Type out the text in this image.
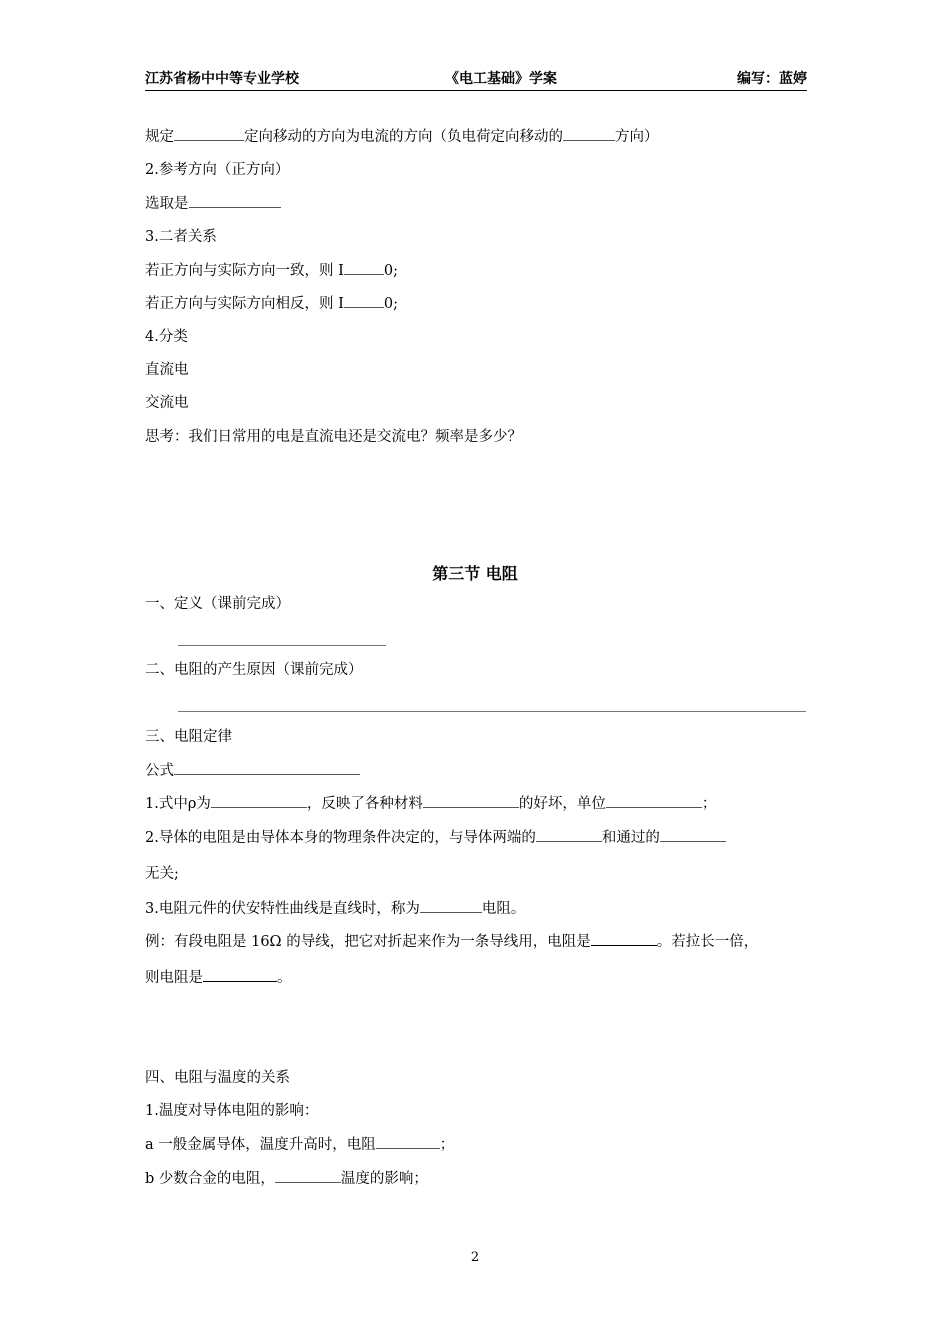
江苏省杨中中等专业学校	《电工基础》学案	编写：蓝婷
规定	定向移动的方向为电流的方向（负电荷定向移动的	方向）
2.参考方向（正方向）
选取是
3.二者关系
若正方向与实际方向一致，则 I	0;
若正方向与实际方向相反，则 I	0;
4.分类
直流电
交流电
思考：我们日常用的电是直流电还是交流电？频率是多少？
第三节 电阻
一、定义（课前完成）
二、电阻的产生原因（课前完成）
三、电阻定律
公式
1.式中ρ为	，反映了各种材料	的好坏，单位	；
2.导体的电阻是由导体本身的物理条件决定的，与导体两端的	和通过的
无关;
3.电阻元件的伏安特性曲线是直线时，称为	电阻。
例：有段电阻是 16Ω 的导线，把它对折起来作为一条导线用，电阻是	。若拉长一倍，
则电阻是	。
四、电阻与温度的关系
1.温度对导体电阻的影响：
a 一般金属导体，温度升高时，电阻	；
b 少数合金的电阻，	温度的影响；
2
